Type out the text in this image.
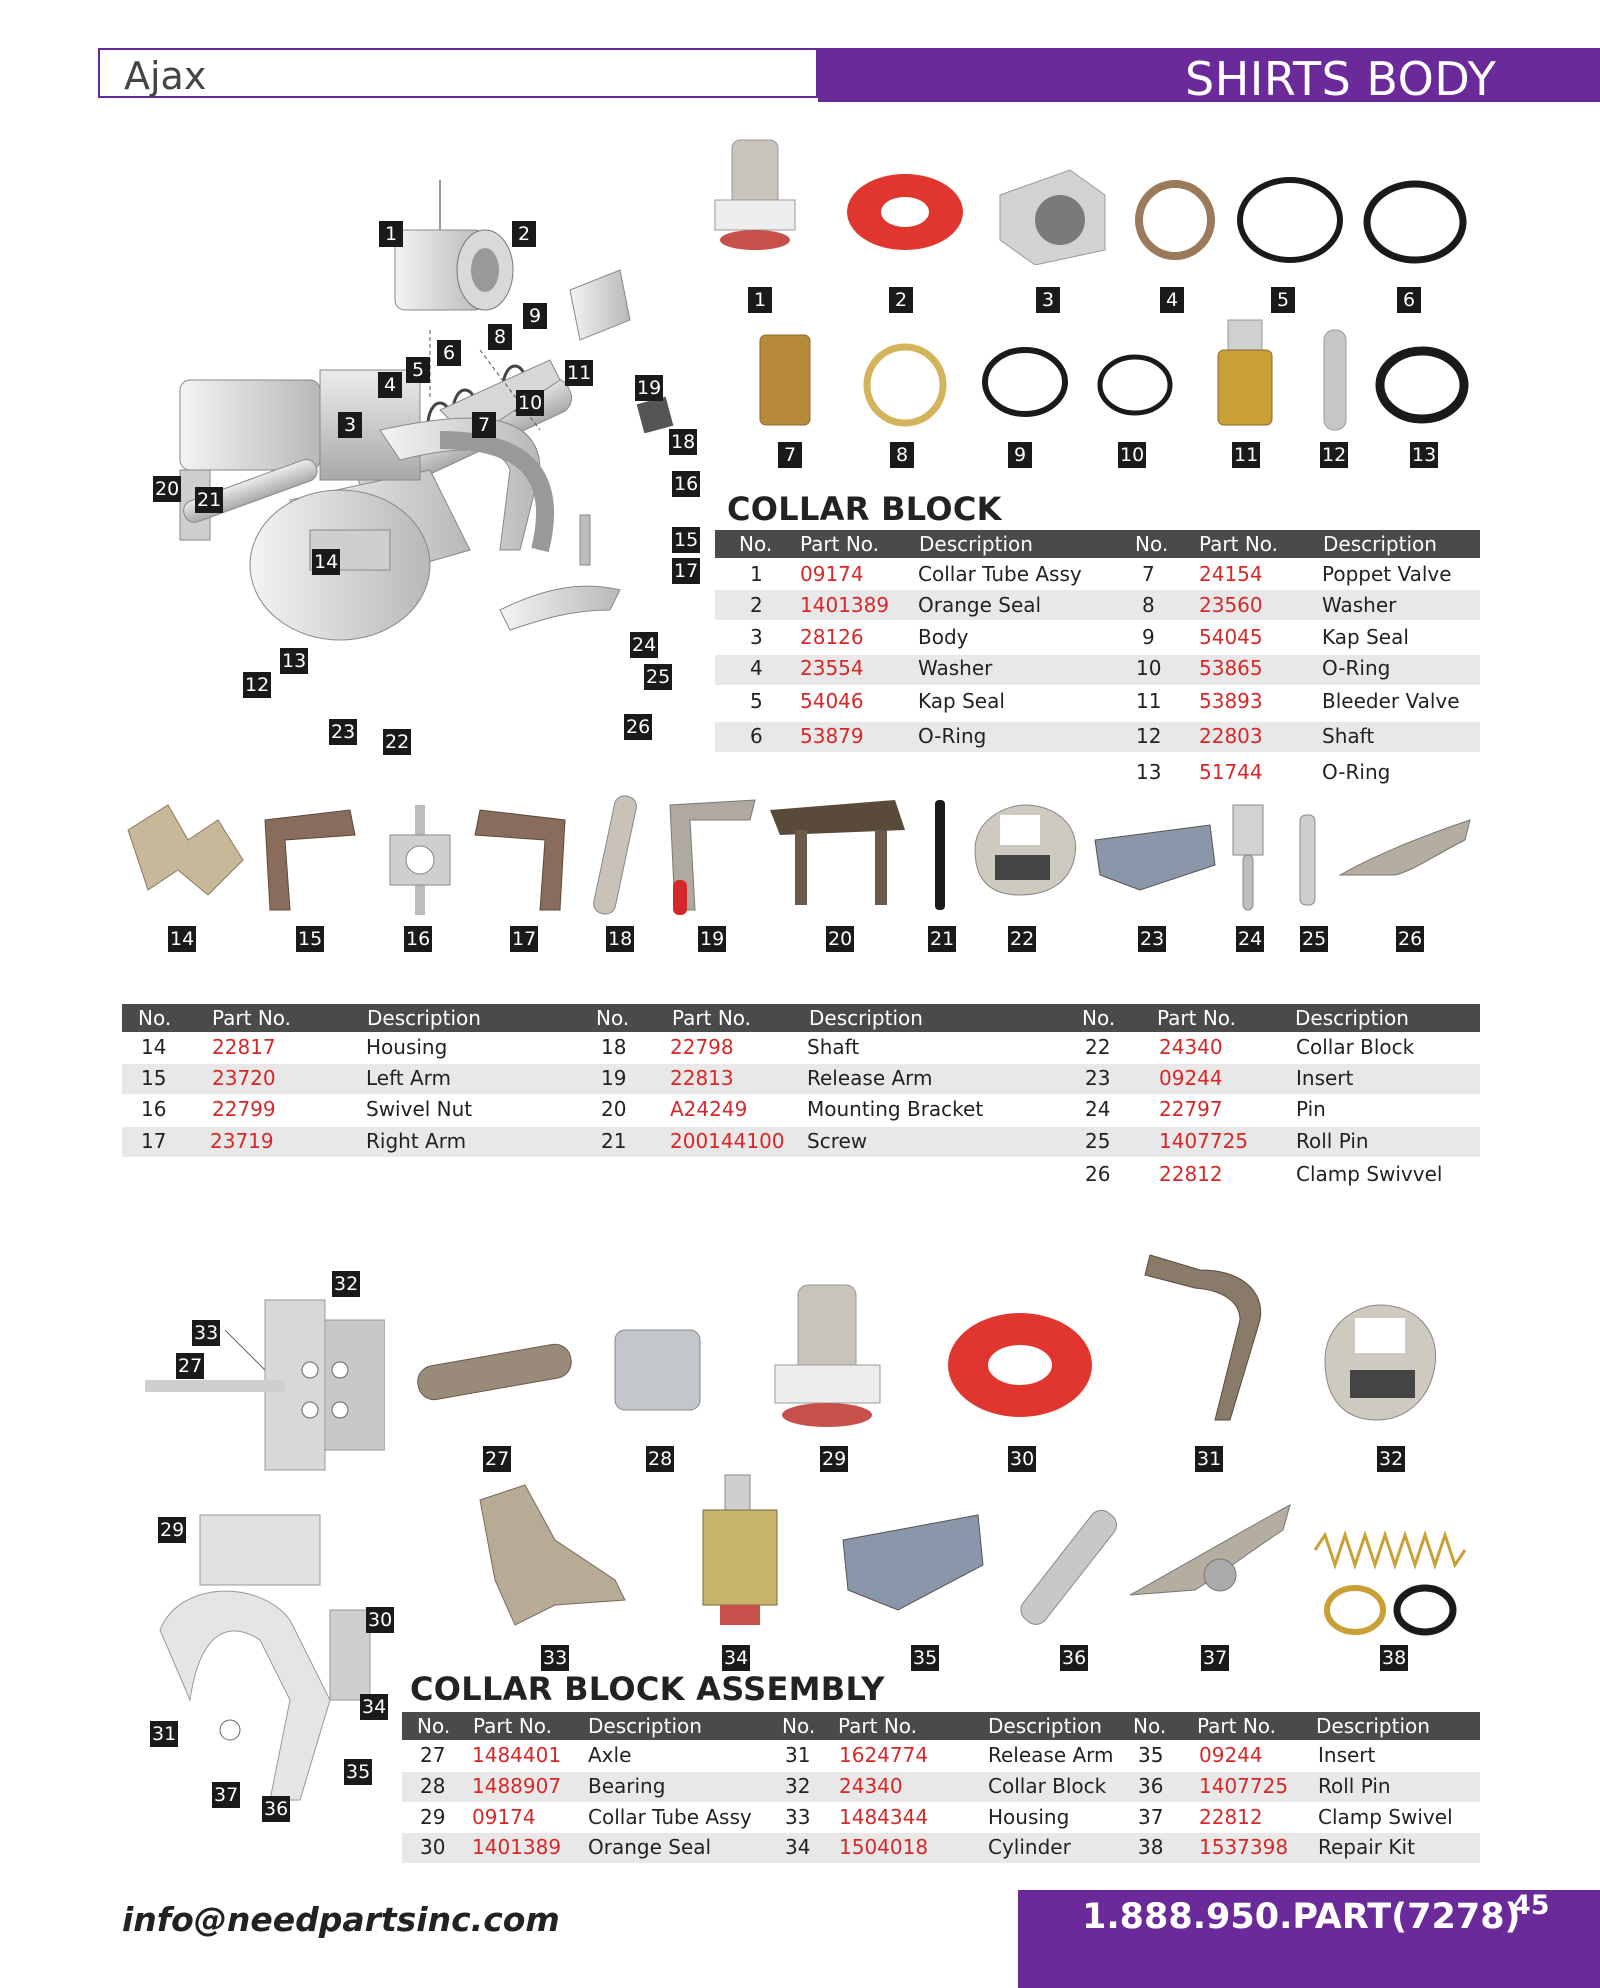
Ajax	SHIRTS BODY
1	2
3
4
5
6
7
8
9
10
11
12
13
14
15
16
17
18
19
20 21
22
23
24
25
26
1	2	3	4	5	6
7	8	9	10	11	12	13
COLLAR BLOCK
No. Part No. Description	No. Part No. Description
1 09174	Collar Tube Assy	7 24154	Poppet Valve
2 1401389 Orange Seal	8 23560	Washer
3 28126	Body	9 54045	Kap Seal
4 23554	Washer	10 53865	O-Ring
5 54046	Kap Seal	11 53893	Bleeder Valve
6 53879	O-Ring	12 22803	Shaft
13 51744	O-Ring
14	15	16	17	18	19	20	21	22	23	24 25	26
No. Part No.	Description	No. Part No.	Description	No. Part No.	Description
14 22817	Housing	18 22798	Shaft	22 24340	Collar Block
15 23720	Left Arm	19 22813	Release Arm	23 09244	Insert
16 22799	Swivel Nut	20 A24249	Mounting Bracket	24 22797	Pin
17 23719	Right Arm	21 200144100 Screw	25 1407725 Roll Pin
26 22812	Clamp Swivvel
27
29
30
31
32
33
34
35
36
37
27	28	29	30	31	32
33	34	35	36	37	38
COLLAR BLOCK ASSEMBLY
No. Part No. Description	No. Part No.	Description No. Part No. Description
27 1484401 Axle	31 1624774	Release Arm 35 09244	Insert
28 1488907 Bearing	32 24340	Collar Block 36 1407725 Roll Pin
29 09174	Collar Tube Assy 33 1484344	Housing	37 22812	Clamp Swivel
30 1401389 Orange Seal	34 1504018	Cylinder	38 1537398 Repair Kit
info@needpartsinc.com	1.888.950.PART(7278)
45
